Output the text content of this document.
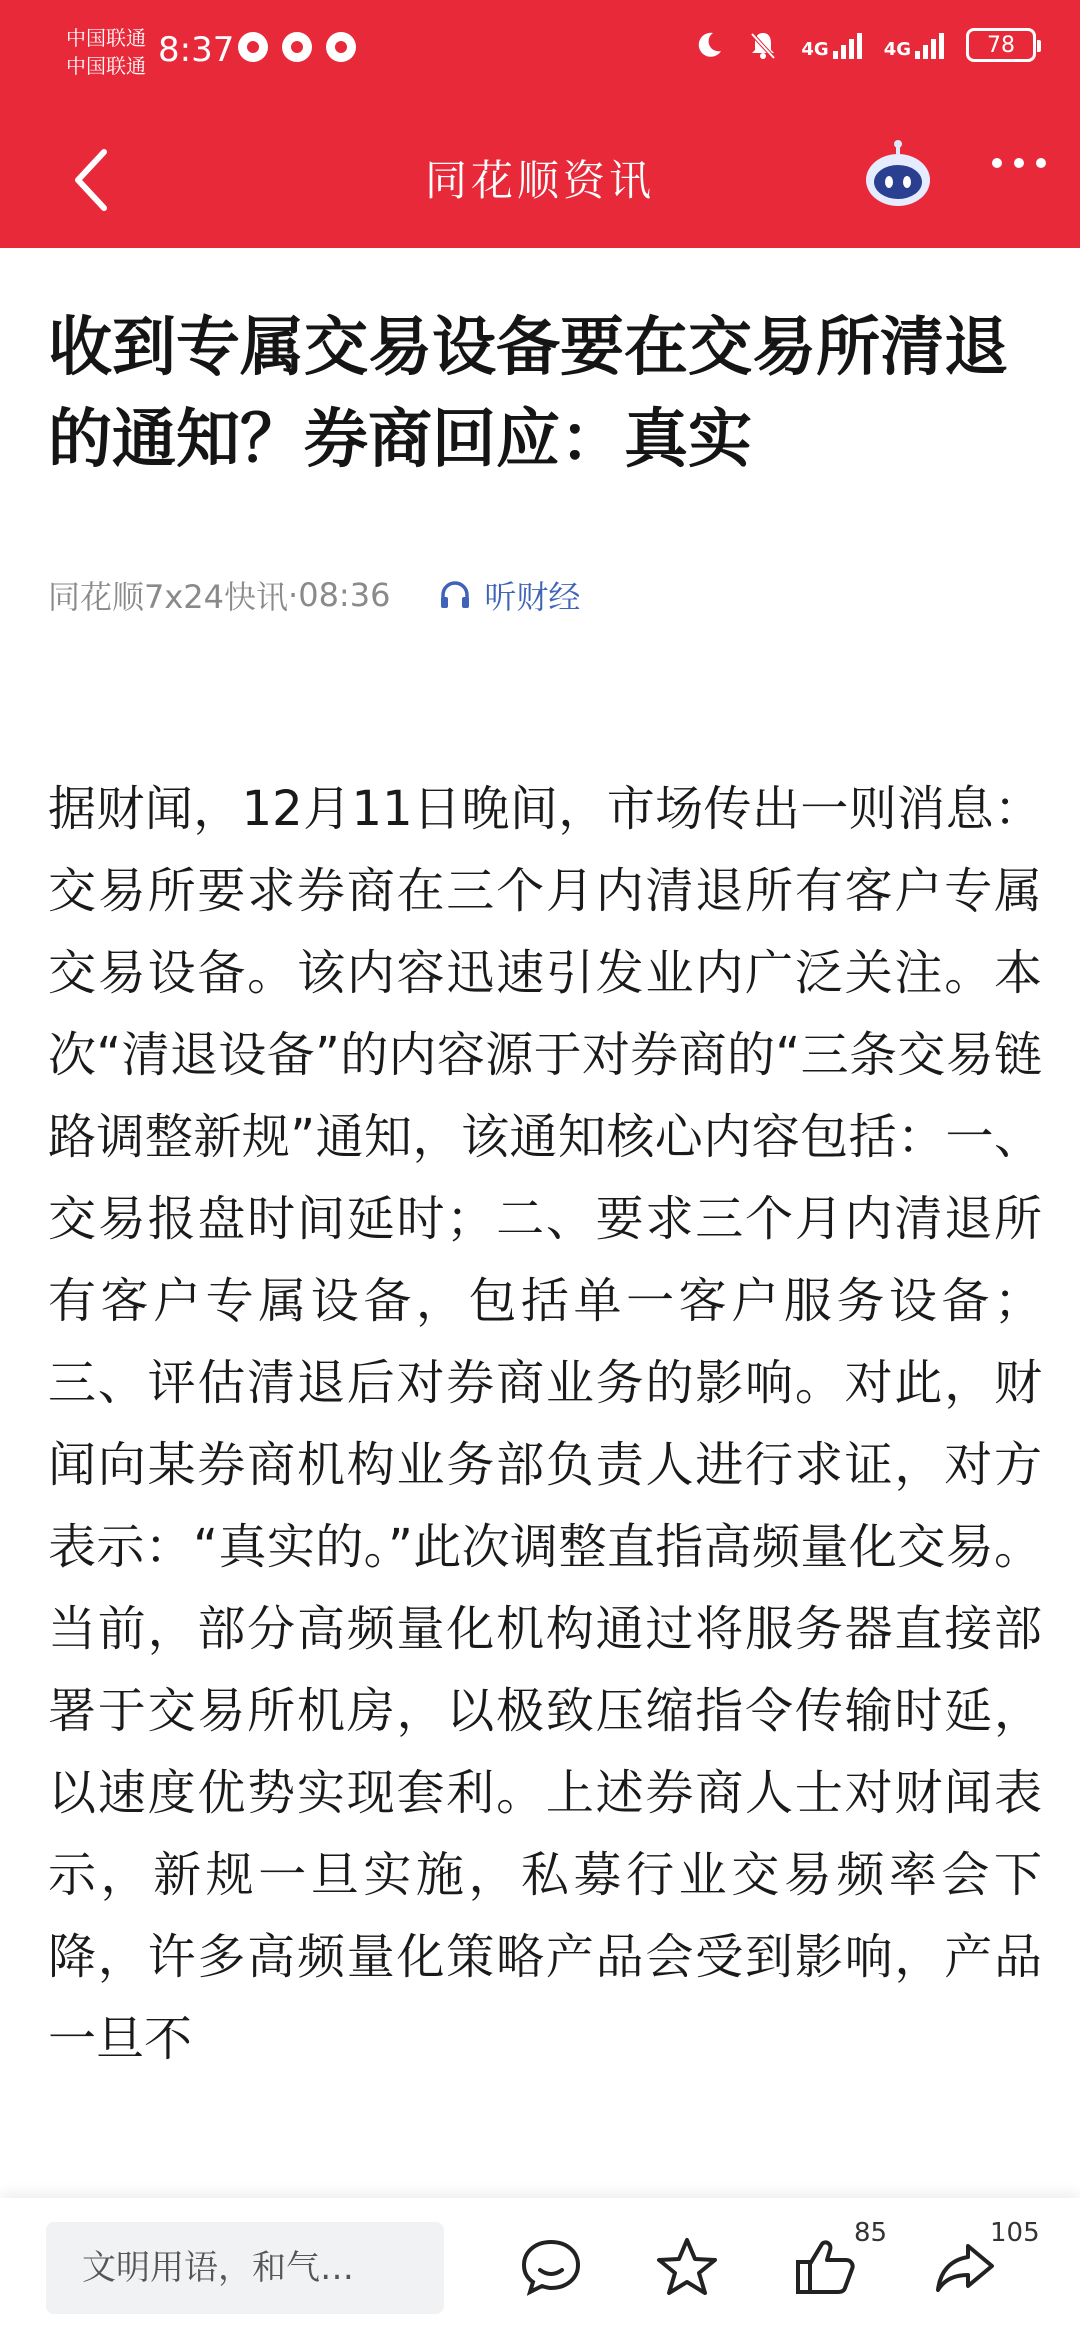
中国联通
中国联通 8:37	4G	4G	78
同花顺资讯
收到专属交易设备要在交易所清退的通知？券商回应：真实
同花顺7x24快讯 · 08:36	听财经

据财闻，12月11日晚间，市场传出一则消息：交易所要求券商在三个月内清退所有客户专属交易设备。该内容迅速引发业内广泛关注。本次“清退设备”的内容源于对券商的“三条交易链路调整新规”通知，该通知核心内容包括：一、交易报盘时间延时；二、要求三个月内清退所有客户专属设备，包括单一客户服务设备；三、评估清退后对券商业务的影响。对此，财闻向某券商机构业务部负责人进行求证，对方表示：“真实的。”此次调整直指高频量化交易。当前，部分高频量化机构通过将服务器直接部署于交易所机房，以极致压缩指令传输时延，以速度优势实现套利。上述券商人士对财闻表示，新规一旦实施，私募行业交易频率会下降，许多高频量化策略产品会受到影响，产品一旦不

文明用语，和气…
85	105
